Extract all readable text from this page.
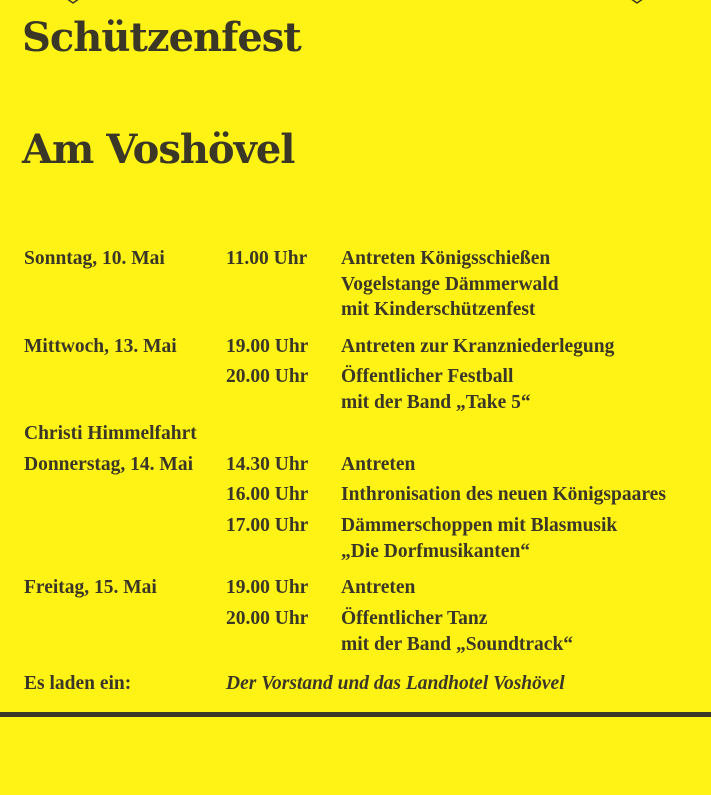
Schützenfest
Am Voshövel
Sonntag, 10. Mai	11.00 Uhr Antreten Königsschießen
Vogelstange Dämmerwald
mit Kinderschützenfest
Mittwoch, 13. Mai	19.00 Uhr Antreten zur Kranzniederlegung
20.00 Uhr Öffentlicher Festball
mit der Band „Take 5“
Christi Himmelfahrt
Donnerstag, 14. Mai 14.30 Uhr Antreten
16.00 Uhr Inthronisation des neuen Königspaares
17.00 Uhr Dämmerschoppen mit Blasmusik
„Die Dorfmusikanten“
Freitag, 15. Mai	19.00 Uhr Antreten
20.00 Uhr Öffentlicher Tanz
mit der Band „Soundtrack“
Es laden ein:	Der Vorstand und das Landhotel Voshövel
